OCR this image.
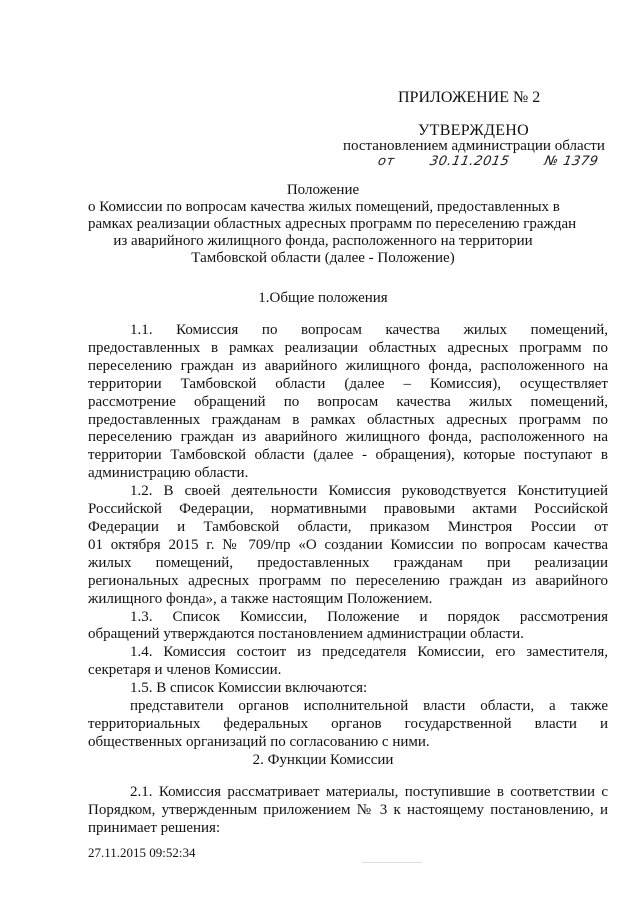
ПРИЛОЖЕНИЕ № 2
УТВЕРЖДЕНО
постановлением администрации области
от	30.11.2015	№ 1379
Положение
о Комиссии по вопросам качества жилых помещений, предоставленных в
рамках реализации областных адресных программ по переселению граждан
из аварийного жилищного фонда, расположенного на территории
Тамбовской области (далее - Положение)
1.Общие положения
1.1. Комиссия по вопросам качества жилых помещений,
предоставленных в рамках реализации областных адресных программ по
переселению граждан из аварийного жилищного фонда, расположенного на
территории Тамбовской области (далее – Комиссия), осуществляет
рассмотрение обращений по вопросам качества жилых помещений,
предоставленных гражданам в рамках областных адресных программ по
переселению граждан из аварийного жилищного фонда, расположенного на
территории Тамбовской области (далее - обращения), которые поступают в
администрацию области.
1.2. В своей деятельности Комиссия руководствуется Конституцией
Российской Федерации, нормативными правовыми актами Российской
Федерации и Тамбовской области, приказом Минстроя России от
01 октября 2015 г. № 709/пр «О создании Комиссии по вопросам качества
жилых помещений, предоставленных гражданам при реализации
региональных адресных программ по переселению граждан из аварийного
жилищного фонда», а также настоящим Положением.
1.3. Список Комиссии, Положение и порядок рассмотрения
обращений утверждаются постановлением администрации области.
1.4. Комиссия состоит из председателя Комиссии, его заместителя,
секретаря и членов Комиссии.
1.5. В список Комиссии включаются:
представители органов исполнительной власти области, а также
территориальных федеральных органов государственной власти и
общественных организаций по согласованию с ними.
2. Функции Комиссии
2.1. Комиссия рассматривает материалы, поступившие в соответствии с
Порядком, утвержденным приложением № 3 к настоящему постановлению, и
принимает решения:
27.11.2015 09:52:34
